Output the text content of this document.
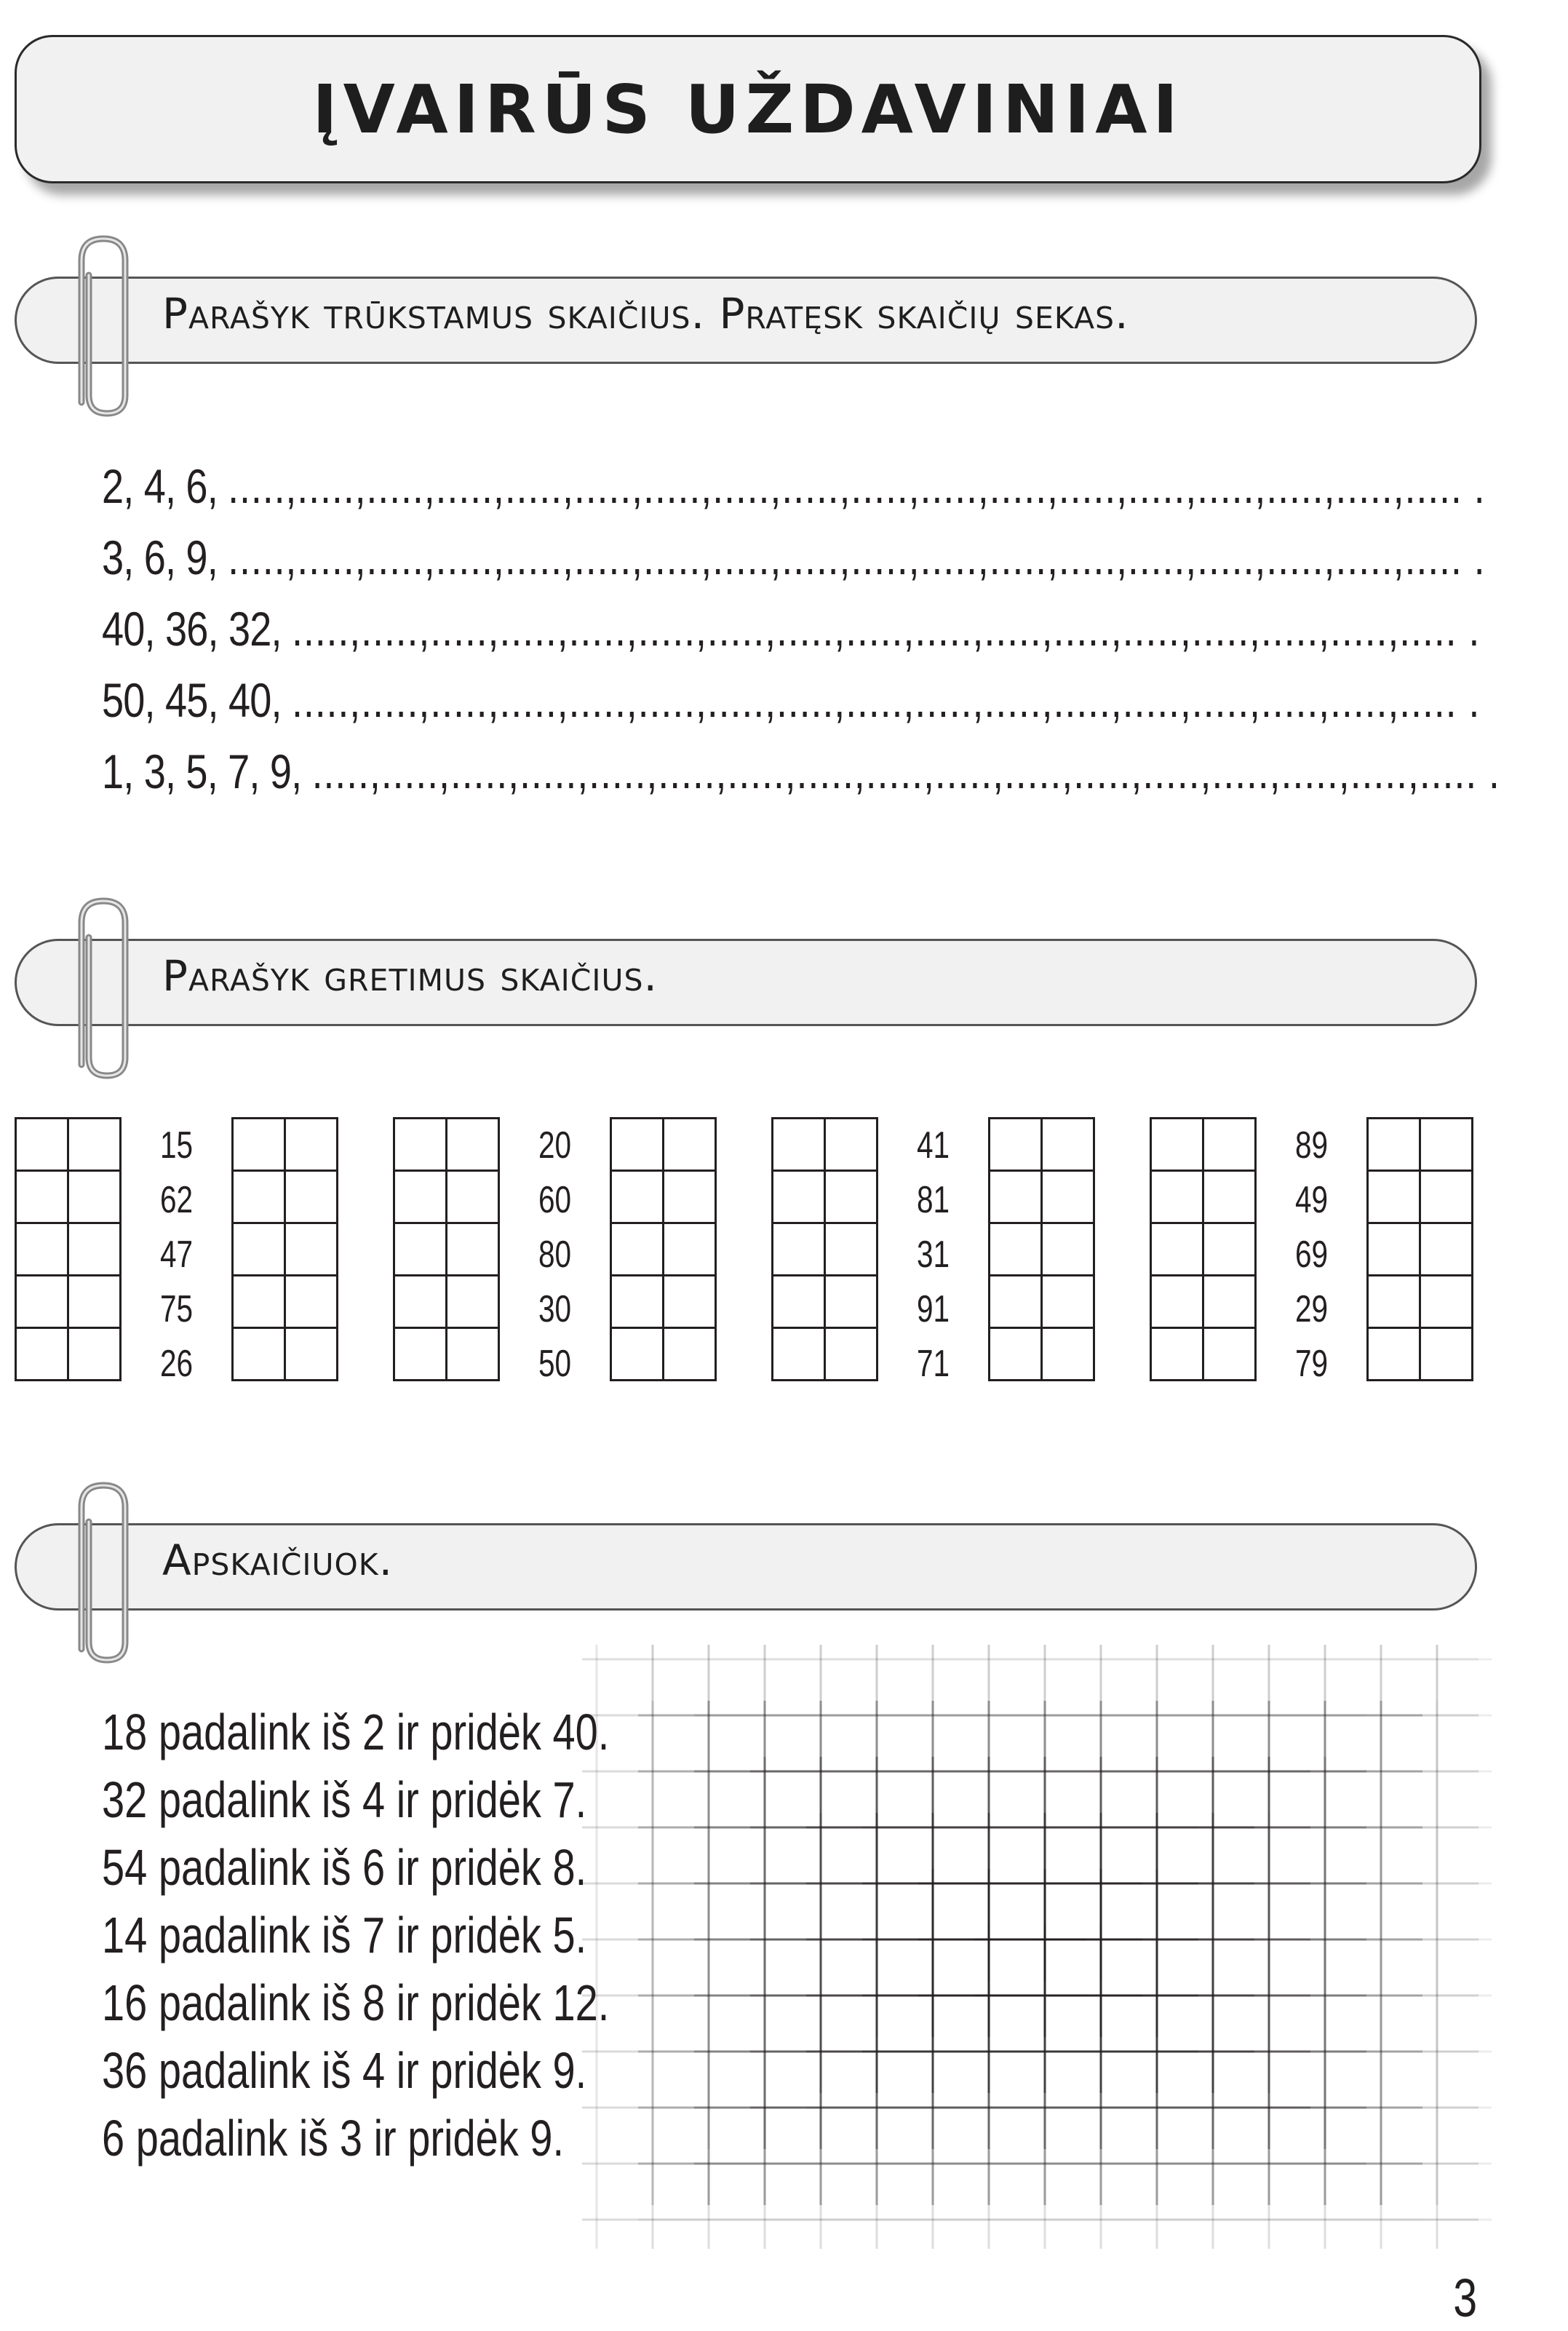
ĮVAIRŪS UŽDAVINIAI
Parašyk trūkstamus skaičius. Pratęsk skaičių sekas.
2, 4, 6, .....,.....,.....,.....,.....,.....,.....,.....,.....,.....,.....,.....,.....,.....,.....,.....,.....,..... .
3, 6, 9, .....,.....,.....,.....,.....,.....,.....,.....,.....,.....,.....,.....,.....,.....,.....,.....,.....,..... .
40, 36, 32, .....,.....,.....,.....,.....,.....,.....,.....,.....,.....,.....,.....,.....,.....,.....,.....,..... .
50, 45, 40, .....,.....,.....,.....,.....,.....,.....,.....,.....,.....,.....,.....,.....,.....,.....,.....,..... .
1, 3, 5, 7, 9, .....,.....,.....,.....,.....,.....,.....,.....,.....,.....,.....,.....,.....,.....,.....,.....,..... .
Parašyk gretimus skaičius.

15
62
47
75
26

20
60
80
30
50

41
81
31
91
71

89
49
69
29
79

Apskaičiuok.
18 padalink iš 2 ir pridėk 40.
32 padalink iš 4 ir pridėk 7.
54 padalink iš 6 ir pridėk 8.
14 padalink iš 7 ir pridėk 5.
16 padalink iš 8 ir pridėk 12.
36 padalink iš 4 ir pridėk 9.
6 padalink iš 3 ir pridėk 9.
3
